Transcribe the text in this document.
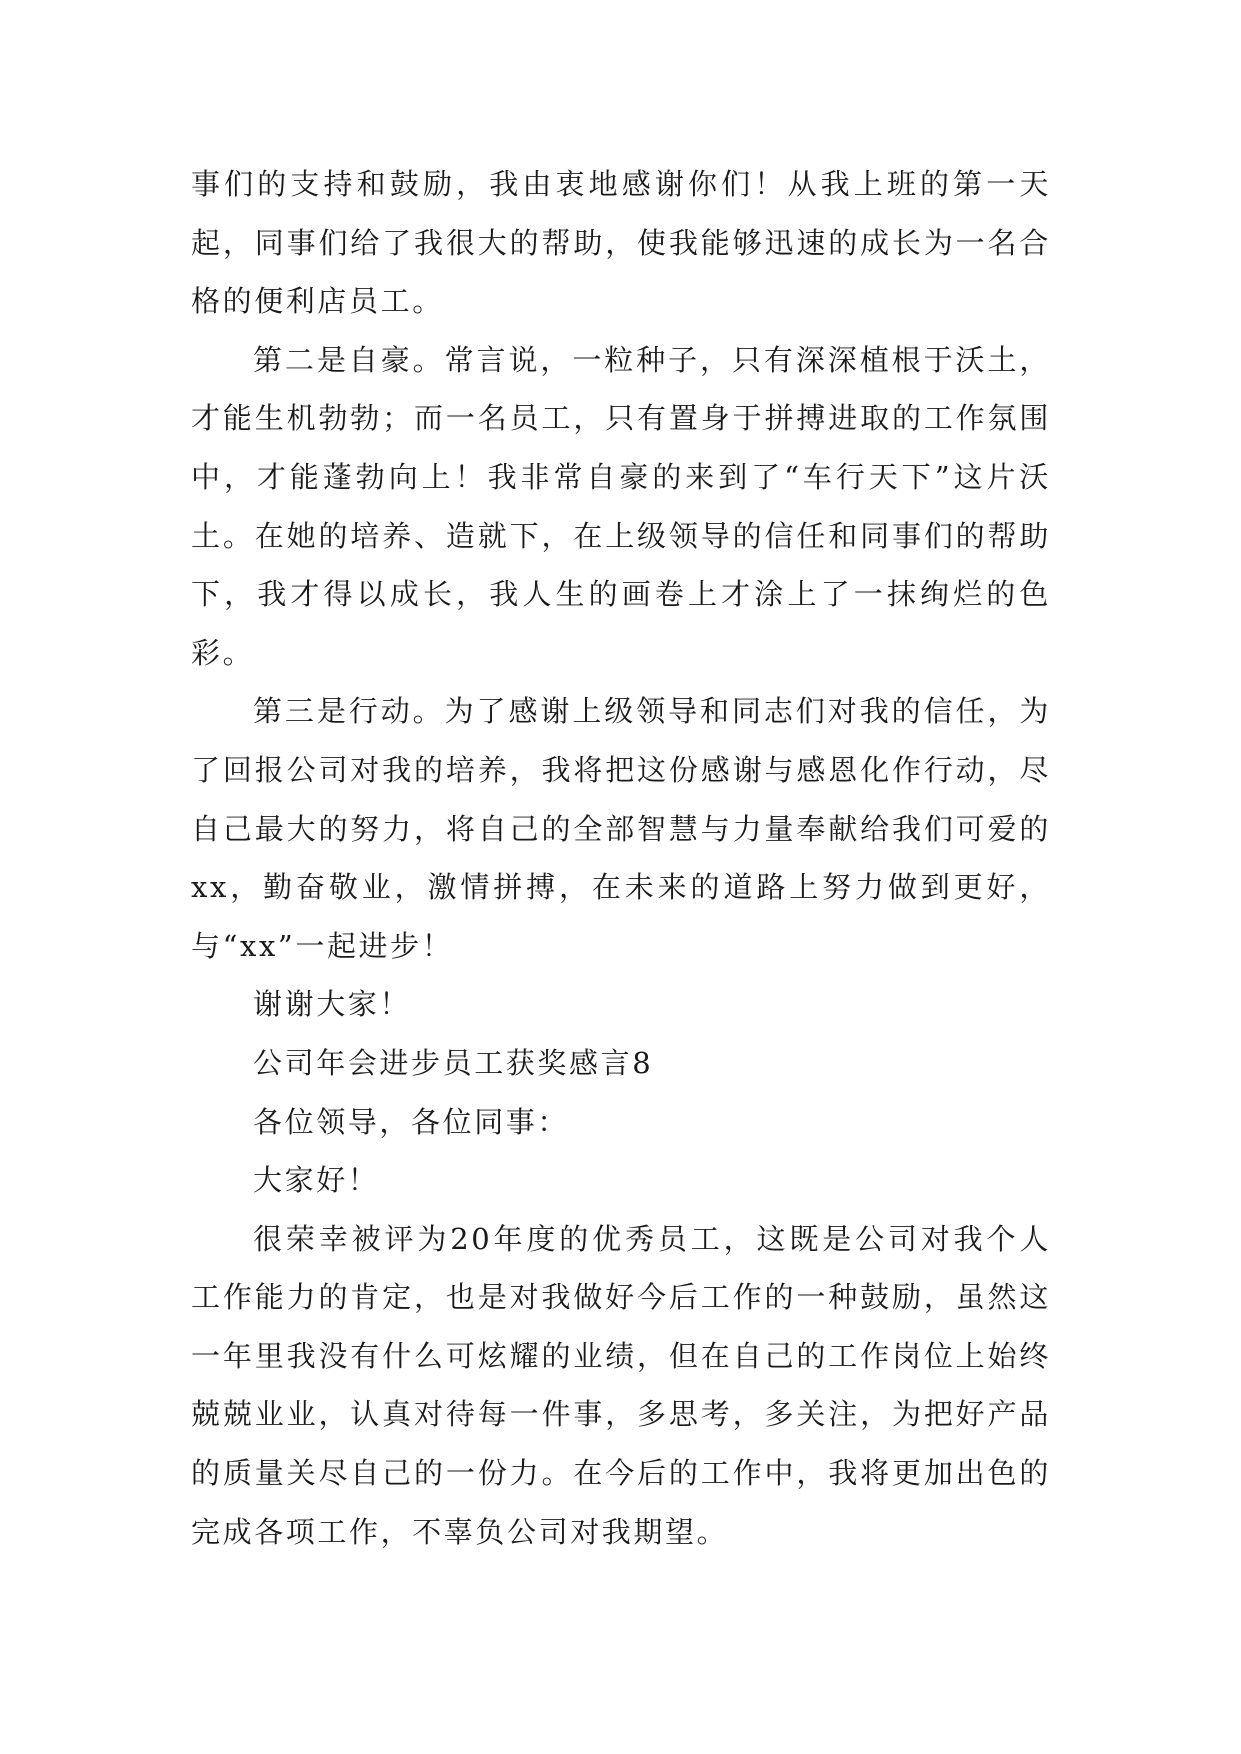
事们的支持和鼓励，我由衷地感谢你们！从我上班的第一天起，同事们给了我很大的帮助，使我能够迅速的成长为一名合格的便利店员工。

第二是自豪。常言说，一粒种子，只有深深植根于沃土，才能生机勃勃；而一名员工，只有置身于拼搏进取的工作氛围中，才能蓬勃向上！我非常自豪的来到了“车行天下”这片沃土。在她的培养、造就下，在上级领导的信任和同事们的帮助下，我才得以成长，我人生的画卷上才涂上了一抹绚烂的色彩。

第三是行动。为了感谢上级领导和同志们对我的信任，为了回报公司对我的培养，我将把这份感谢与感恩化作行动，尽自己最大的努力，将自己的全部智慧与力量奉献给我们可爱的xx，勤奋敬业，激情拼搏，在未来的道路上努力做到更好，与“xx”一起进步！

谢谢大家！

公司年会进步员工获奖感言8

各位领导，各位同事：

大家好！

很荣幸被评为20年度的优秀员工，这既是公司对我个人工作能力的肯定，也是对我做好今后工作的一种鼓励，虽然这一年里我没有什么可炫耀的业绩，但在自己的工作岗位上始终兢兢业业，认真对待每一件事，多思考，多关注，为把好产品的质量关尽自己的一份力。在今后的工作中，我将更加出色的完成各项工作，不辜负公司对我期望。
